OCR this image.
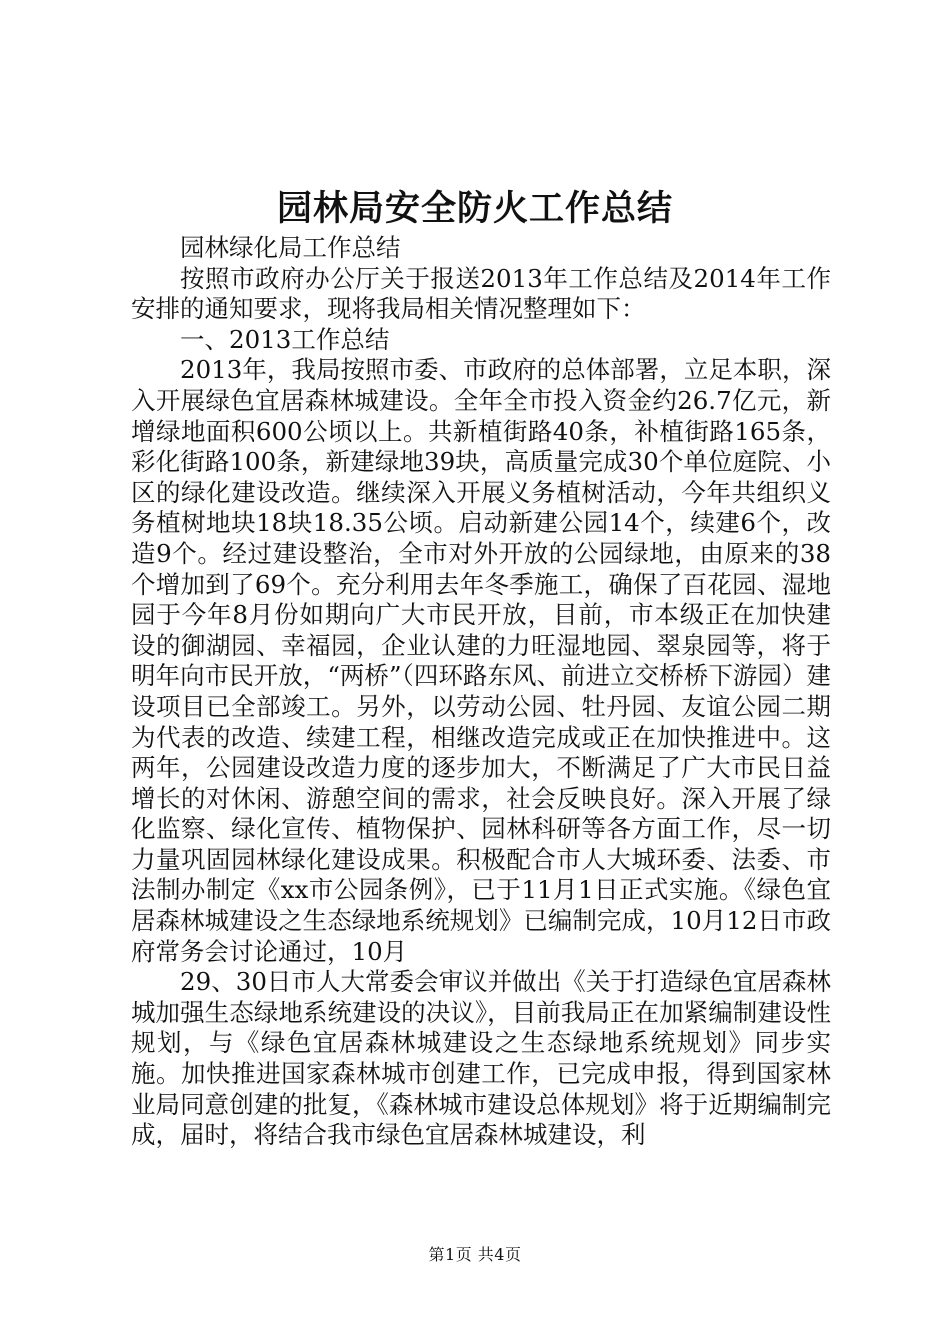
园林局安全防火工作总结

园林绿化局工作总结

按照市政府办公厅关于报送2013年工作总结及2014年工作安排的通知要求，现将我局相关情况整理如下：

一、2013工作总结

2013年，我局按照市委、市政府的总体部署，立足本职，深入开展绿色宜居森林城建设。全年全市投入资金约26.7亿元，新增绿地面积600公顷以上。共新植街路40条，补植街路165条，彩化街路100条，新建绿地39块，高质量完成30个单位庭院、小区的绿化建设改造。继续深入开展义务植树活动，今年共组织义务植树地块18块18.35公顷。启动新建公园14个，续建6个，改造9个。经过建设整治，全市对外开放的公园绿地，由原来的38个增加到了69个。充分利用去年冬季施工，确保了百花园、湿地园于今年8月份如期向广大市民开放，目前，市本级正在加快建设的御湖园、幸福园，企业认建的力旺湿地园、翠泉园等，将于明年向市民开放，“两桥”（四环路东风、前进立交桥桥下游园）建设项目已全部竣工。另外，以劳动公园、牡丹园、友谊公园二期为代表的改造、续建工程，相继改造完成或正在加快推进中。这两年，公园建设改造力度的逐步加大，不断满足了广大市民日益增长的对休闲、游憩空间的需求，社会反映良好。深入开展了绿化监察、绿化宣传、植物保护、园林科研等各方面工作，尽一切力量巩固园林绿化建设成果。积极配合市人大城环委、法委、市法制办制定《xx市公园条例》，已于11月1日正式实施。《绿色宜居森林城建设之生态绿地系统规划》已编制完成，10月12日市政府常务会讨论通过，10月

29、30日市人大常委会审议并做出《关于打造绿色宜居森林城加强生态绿地系统建设的决议》，目前我局正在加紧编制建设性规划，与《绿色宜居森林城建设之生态绿地系统规划》同步实施。加快推进国家森林城市创建工作，已完成申报，得到国家林业局同意创建的批复，《森林城市建设总体规划》将于近期编制完成，届时，将结合我市绿色宜居森林城建设，利

第1页 共4页
